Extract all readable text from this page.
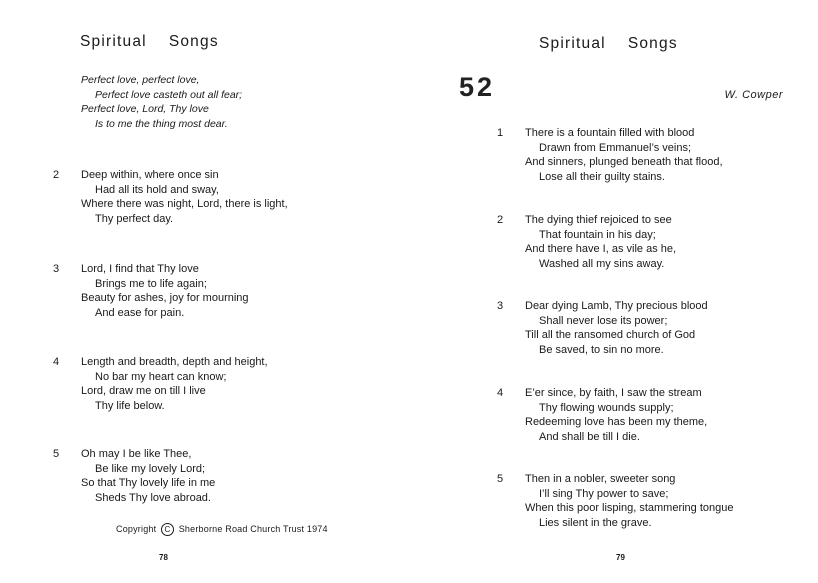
Spiritual    Songs
Perfect love, perfect love,
Perfect love casteth out all fear;
Perfect love, Lord, Thy love
Is to me the thing most dear.
2 Deep within, where once sin
Had all its hold and sway,
Where there was night, Lord, there is light,
Thy perfect day.
3 Lord, I find that Thy love
Brings me to life again;
Beauty for ashes, joy for mourning
And ease for pain.
4 Length and breadth, depth and height,
No bar my heart can know;
Lord, draw me on till I live
Thy life below.
5 Oh may I be like Thee,
Be like my lovely Lord;
So that Thy lovely life in me
Sheds Thy love abroad.
Copyright C Sherborne Road Church Trust 1974
78
Spiritual    Songs
52	W. Cowper
1 There is a fountain filled with blood
Drawn from Emmanuel’s veins;
And sinners, plunged beneath that flood,
Lose all their guilty stains.
2 The dying thief rejoiced to see
That fountain in his day;
And there have I, as vile as he,
Washed all my sins away.
3 Dear dying Lamb, Thy precious blood
Shall never lose its power;
Till all the ransomed church of God
Be saved, to sin no more.
4 E’er since, by faith, I saw the stream
Thy flowing wounds supply;
Redeeming love has been my theme,
And shall be till I die.
5 Then in a nobler, sweeter song
I’ll sing Thy power to save;
When this poor lisping, stammering tongue
Lies silent in the grave.
79
